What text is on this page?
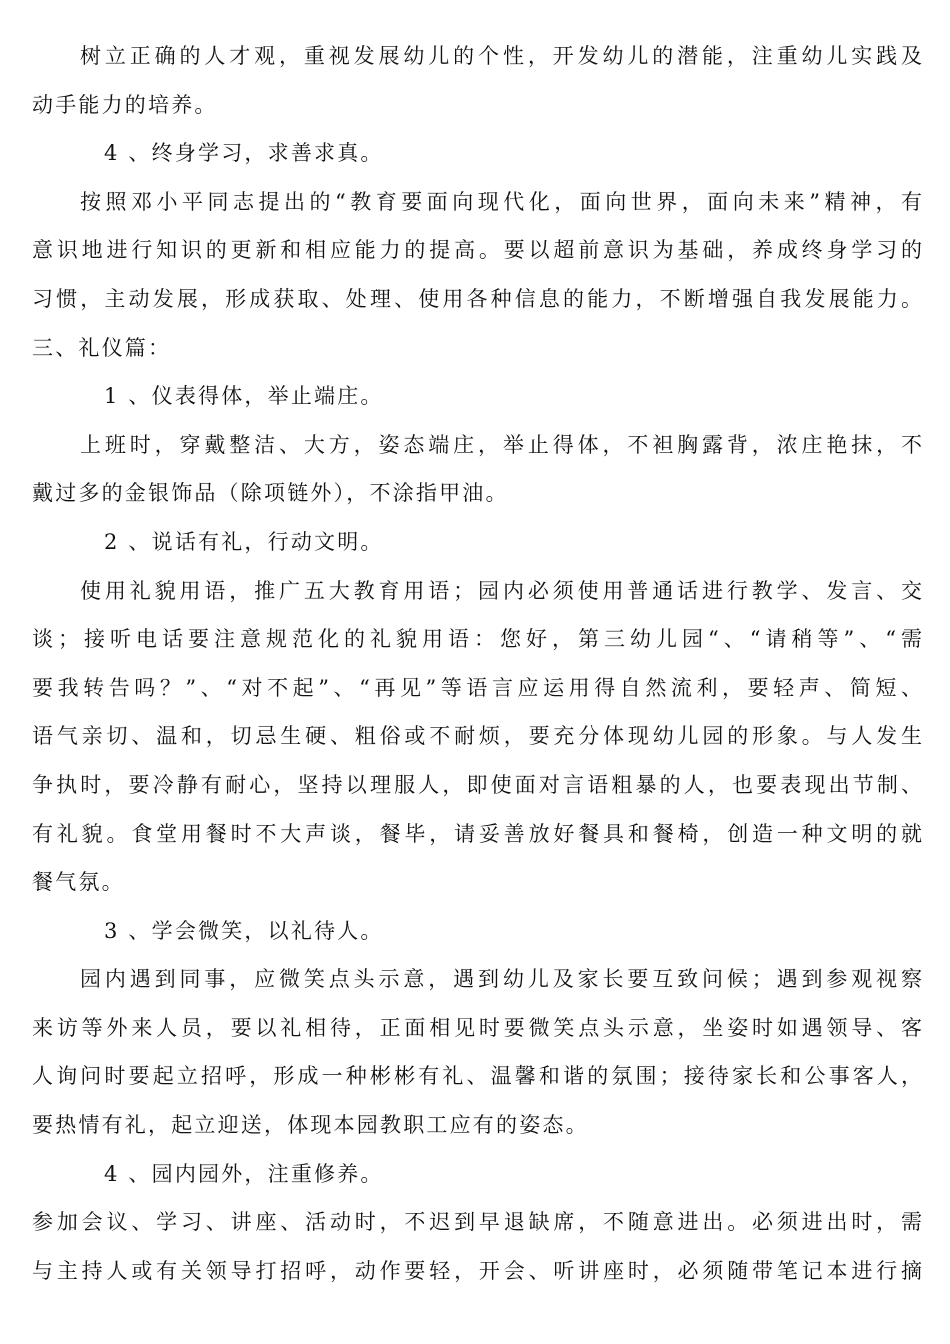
树立正确的人才观，重视发展幼儿的个性，开发幼儿的潜能，注重幼儿实践及
动手能力的培养。
4 、终身学习，求善求真。
按照邓小平同志提出的“教育要面向现代化，面向世界，面向未来”精神，有
意识地进行知识的更新和相应能力的提高。要以超前意识为基础，养成终身学习的
习惯，主动发展，形成获取、处理、使用各种信息的能力，不断增强自我发展能力。
三、礼仪篇：
1 、仪表得体，举止端庄。
上班时，穿戴整洁、大方，姿态端庄，举止得体，不袒胸露背，浓庄艳抹，不
戴过多的金银饰品（除项链外），不涂指甲油。
2 、说话有礼，行动文明。
使用礼貌用语，推广五大教育用语；园内必须使用普通话进行教学、发言、交
谈；接听电话要注意规范化的礼貌用语：您好，第三幼儿园“、“请稍等”、“需
要我转告吗？”、“对不起”、“再见”等语言应运用得自然流利，要轻声、简短、
语气亲切、温和，切忌生硬、粗俗或不耐烦，要充分体现幼儿园的形象。与人发生
争执时，要冷静有耐心，坚持以理服人，即使面对言语粗暴的人，也要表现出节制、
有礼貌。食堂用餐时不大声谈，餐毕，请妥善放好餐具和餐椅，创造一种文明的就
餐气氛。
3 、学会微笑，以礼待人。
园内遇到同事，应微笑点头示意，遇到幼儿及家长要互致问候；遇到参观视察
来访等外来人员，要以礼相待，正面相见时要微笑点头示意，坐姿时如遇领导、客
人询问时要起立招呼，形成一种彬彬有礼、温馨和谐的氛围；接待家长和公事客人，
要热情有礼，起立迎送，体现本园教职工应有的姿态。
4 、园内园外，注重修养。
参加会议、学习、讲座、活动时，不迟到早退缺席，不随意进出。必须进出时，需
与主持人或有关领导打招呼，动作要轻，开会、听讲座时，必须随带笔记本进行摘
